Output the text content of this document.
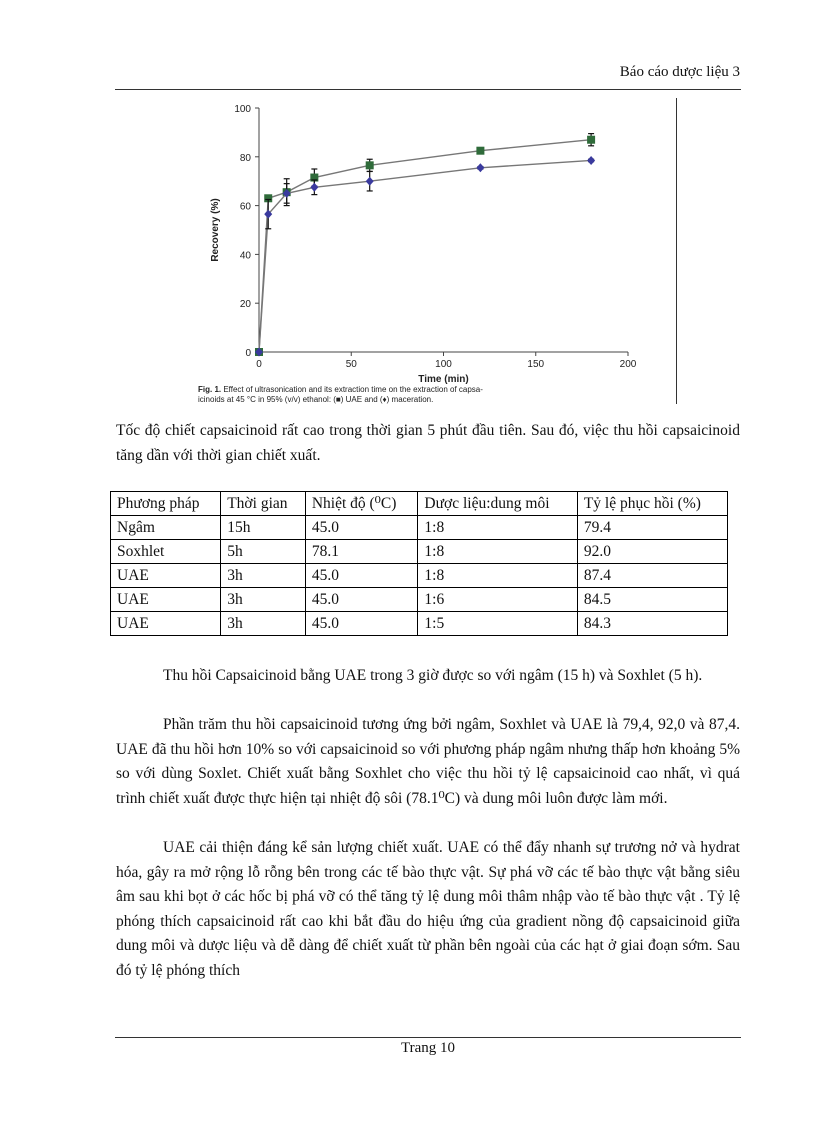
Báo cáo dược liệu 3
0
20
40
60
80
100
0	50	100	150	200
Time (min)
Recovery (%)
Fig. 1. Effect of ultrasonication and its extraction time on the extraction of capsa-
icinoids at 45 °C in 95% (v/v) ethanol: (■) UAE and (♦) maceration.

Tốc độ chiết capsaicinoid rất cao trong thời gian 5 phút đầu tiên. Sau đó, việc thu hồi capsaicinoid tăng dần với thời gian chiết xuất.

Phương pháp	Thời gian	Nhiệt độ (⁰C)	Dược liệu:dung môi	Tỷ lệ phục hồi (%)
Ngâm	15h	45.0	1:8	79.4
Soxhlet	5h	78.1	1:8	92.0
UAE	3h	45.0	1:8	87.4
UAE	3h	45.0	1:6	84.5
UAE	3h	45.0	1:5	84.3

Thu hồi Capsaicinoid bằng UAE trong 3 giờ được so với ngâm (15 h) và Soxhlet (5 h).

Phần trăm thu hồi capsaicinoid tương ứng bởi ngâm, Soxhlet và UAE là 79,4, 92,0 và 87,4. UAE đã thu hồi hơn 10% so với capsaicinoid so với phương pháp ngâm nhưng thấp hơn khoảng 5% so với dùng Soxlet. Chiết xuất bằng Soxhlet cho việc thu hồi tỷ lệ capsaicinoid cao nhất, vì quá trình chiết xuất được thực hiện tại nhiệt độ sôi (78.1⁰C) và dung môi luôn được làm mới.

UAE cải thiện đáng kể sản lượng chiết xuất. UAE có thể đẩy nhanh sự trương nở và hydrat hóa, gây ra mở rộng lỗ rỗng bên trong các tế bào thực vật. Sự phá vỡ các tế bào thực vật bằng siêu âm sau khi bọt ở các hốc bị phá vỡ có thể tăng tỷ lệ dung môi thâm nhập vào tế bào thực vật . Tỷ lệ phóng thích capsaicinoid rất cao khi bắt đầu do hiệu ứng của gradient nồng độ capsaicinoid giữa dung môi và dược liệu và dễ dàng để chiết xuất từ phần bên ngoài của các hạt ở giai đoạn sớm. Sau đó tỷ lệ phóng thích

Trang 10
